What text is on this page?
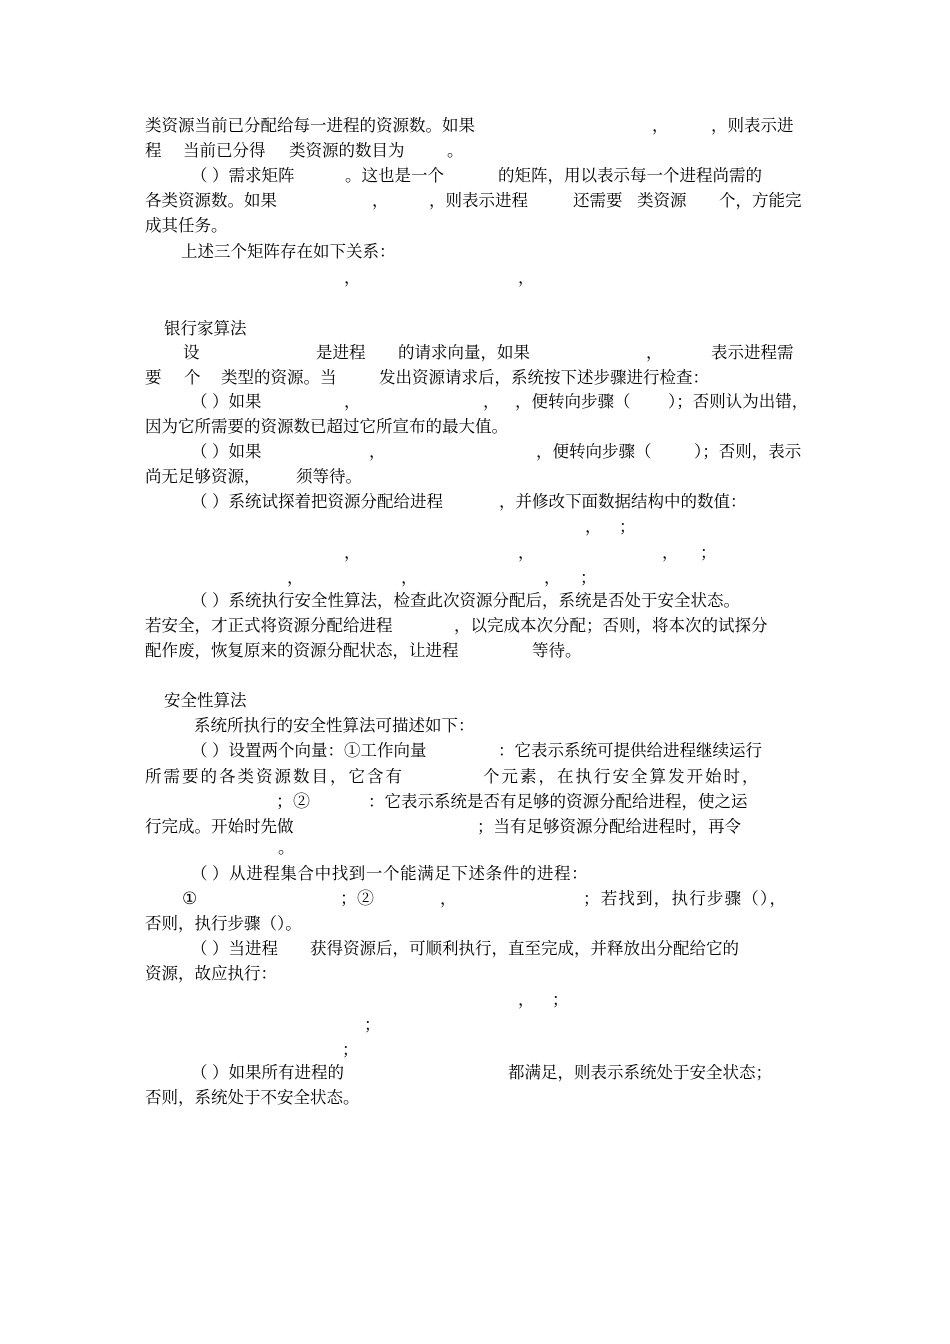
类资源当前已分配给每一进程的资源数。如果	，	，则表示进
程 当前已分得 类资源的数目为	。
（ ）需求矩阵	。这也是一个	的矩阵，用以表示每一个进程尚需的
各类资源数。如果	， ，则表示进程	还需要 类资源 个，方能完
成其任务。
上述三个矩阵存在如下关系：
，	，
银行家算法
设	是进程 的请求向量，如果	，	表示进程需
要 个 类型的资源。当	发出资源请求后，系统按下述步骤进行检查：
（ ）如果	，	， ，便转向步骤（ ）；否则认为出错，
因为它所需要的资源数已超过它所宣布的最大值。
（ ）如果	，	，便转向步骤（	）；否则，表示
尚无足够资源， 须等待。
（ ）系统试探着把资源分配给进程	，并修改下面数据结构中的数值：
， ；
，	，	， ；
，	，	， ；
（ ）系统执行安全性算法，检查此次资源分配后，系统是否处于安全状态。
若安全，才正式将资源分配给进程	，以完成本次分配；否则，将本次的试探分
配作废，恢复原来的资源分配状态，让进程	等待。
安全性算法
系统所执行的安全性算法可描述如下：
（ ）设置两个向量：①工作向量	：它表示系统可提供给进程继续运行
所需要的各类资源数目，它含有	个元素，在执行安全算发开始时，
；②	：它表示系统是否有足够的资源分配给进程，使之运
行完成。开始时先做	；当有足够资源分配给进程时，再令
。
（ ）从进程集合中找到一个能满足下述条件的进程：
①	；②	，	；若找到，执行步骤（），
否则，执行步骤（）。
（ ）当进程 获得资源后，可顺利执行，直至完成，并释放出分配给它的
资源，故应执行：
， ；
；
；
（ ）如果所有进程的	都满足，则表示系统处于安全状态；
否则，系统处于不安全状态。
